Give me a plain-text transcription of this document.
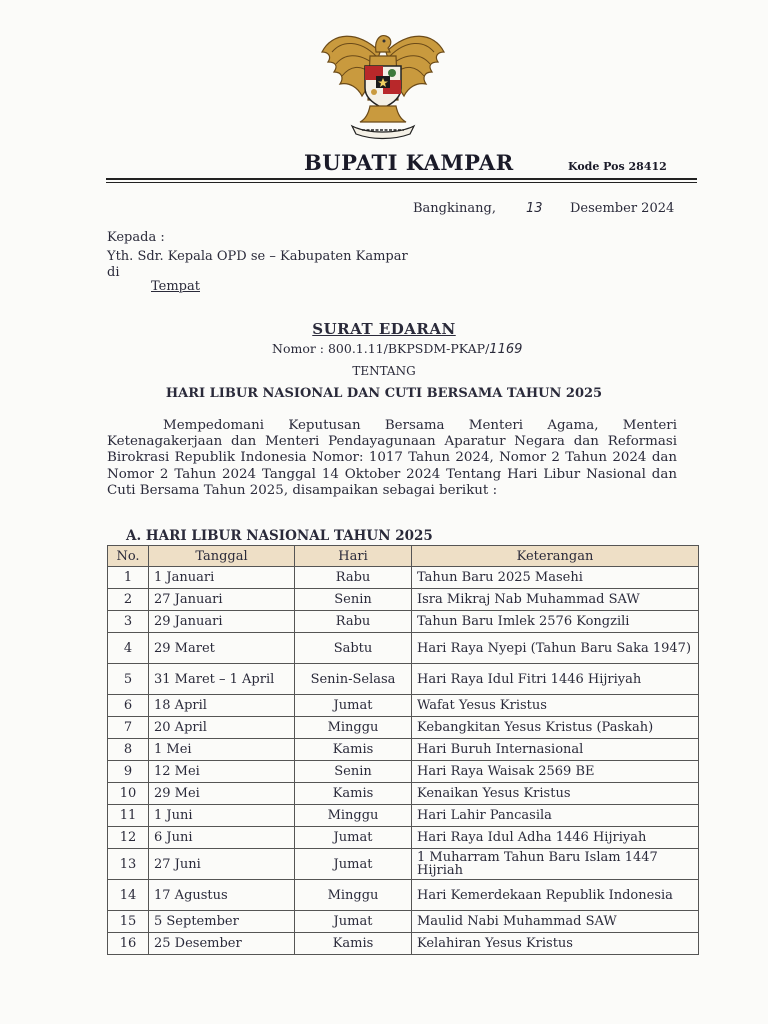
BUPATI KAMPAR	Kode Pos 28412
Bangkinang, 13 Desember 2024
Kepada :
Yth. Sdr. Kepala OPD se – Kabupaten Kampar
di
Tempat
SURAT EDARAN
Nomor : 800.1.11/BKPSDM-PKAP/1169
TENTANG
HARI LIBUR NASIONAL DAN CUTI BERSAMA TAHUN 2025

Mempedomani Keputusan Bersama Menteri Agama, Menteri Ketenagakerjaan dan Menteri Pendayagunaan Aparatur Negara dan Reformasi Birokrasi Republik Indonesia Nomor: 1017 Tahun 2024, Nomor 2 Tahun 2024 dan Nomor 2 Tahun 2024 Tanggal 14 Oktober 2024 Tentang Hari Libur Nasional dan Cuti Bersama Tahun 2025, disampaikan sebagai berikut :

A. HARI LIBUR NASIONAL TAHUN 2025
No.	Tanggal	Hari	Keterangan
1	1 Januari	Rabu	Tahun Baru 2025 Masehi
2	27 Januari	Senin	Isra Mikraj Nab Muhammad SAW
3	29 Januari	Rabu	Tahun Baru Imlek 2576 Kongzili
4	29 Maret	Sabtu	Hari Raya Nyepi (Tahun Baru Saka 1947)
5	31 Maret – 1 April	Senin-Selasa	Hari Raya Idul Fitri 1446 Hijriyah
6	18 April	Jumat	Wafat Yesus Kristus
7	20 April	Minggu	Kebangkitan Yesus Kristus (Paskah)
8	1 Mei	Kamis	Hari Buruh Internasional
9	12 Mei	Senin	Hari Raya Waisak 2569 BE
10	29 Mei	Kamis	Kenaikan Yesus Kristus
11	1 Juni	Minggu	Hari Lahir Pancasila
12	6 Juni	Jumat	Hari Raya Idul Adha 1446 Hijriyah
13	27 Juni	Jumat	1 Muharram Tahun Baru Islam 1447 Hijriah
14	17 Agustus	Minggu	Hari Kemerdekaan Republik Indonesia
15	5 September	Jumat	Maulid Nabi Muhammad SAW
16	25 Desember	Kamis	Kelahiran Yesus Kristus
